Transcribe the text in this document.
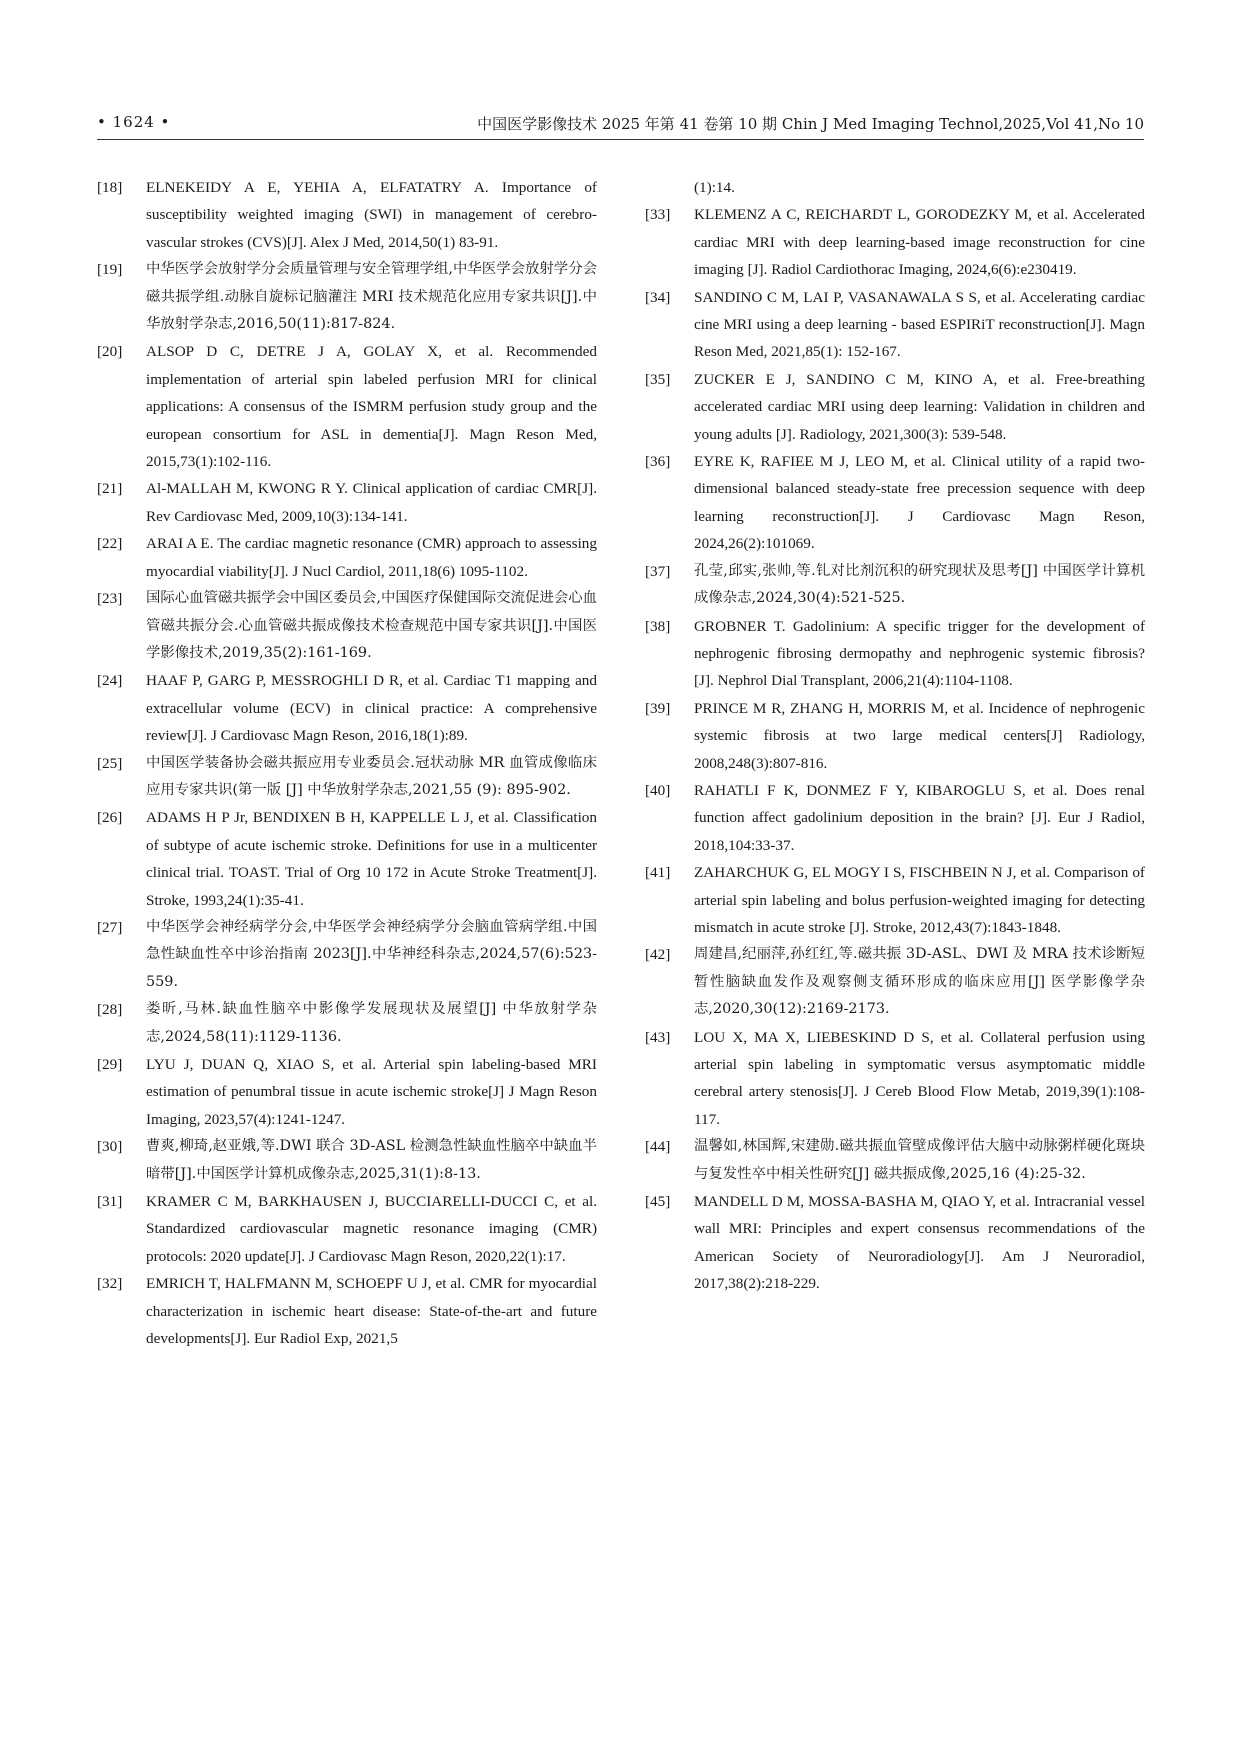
• 1624 •	中国医学影像技术 2025 年第 41 卷第 10 期 Chin J Med Imaging Technol,2025,Vol 41,No 10
[18] ELNEKEIDY A E, YEHIA A, ELFATATRY A. Importance of susceptibility weighted imaging (SWI) in management of cerebro-vascular strokes (CVS)[J]. Alex J Med, 2014,50(1) 83-91.
[19] 中华医学会放射学分会质量管理与安全管理学组,中华医学会放射学分会磁共振学组.动脉自旋标记脑灌注 MRI 技术规范化应用专家共识[J].中华放射学杂志,2016,50(11):817-824.
[20] ALSOP D C, DETRE J A, GOLAY X, et al. Recommended implementation of arterial spin labeled perfusion MRI for clinical applications: A consensus of the ISMRM perfusion study group and the european consortium for ASL in dementia[J]. Magn Reson Med, 2015,73(1):102-116.
[21] Al-MALLAH M, KWONG R Y. Clinical application of cardiac CMR[J]. Rev Cardiovasc Med, 2009,10(3):134-141.
[22] ARAI A E. The cardiac magnetic resonance (CMR) approach to assessing myocardial viability[J]. J Nucl Cardiol, 2011,18(6) 1095-1102.
[23] 国际心血管磁共振学会中国区委员会,中国医疗保健国际交流促进会心血管磁共振分会.心血管磁共振成像技术检查规范中国专家共识[J].中国医学影像技术,2019,35(2):161-169.
[24] HAAF P, GARG P, MESSROGHLI D R, et al. Cardiac T1 mapping and extracellular volume (ECV) in clinical practice: A comprehensive review[J]. J Cardiovasc Magn Reson, 2016,18(1):89.
[25] 中国医学装备协会磁共振应用专业委员会.冠状动脉 MR 血管成像临床应用专家共识(第一版 [J] 中华放射学杂志,2021,55 (9): 895-902.
[26] ADAMS H P Jr, BENDIXEN B H, KAPPELLE L J, et al. Classification of subtype of acute ischemic stroke. Definitions for use in a multicenter clinical trial. TOAST. Trial of Org 10 172 in Acute Stroke Treatment[J]. Stroke, 1993,24(1):35-41.
[27] 中华医学会神经病学分会,中华医学会神经病学分会脑血管病学组.中国急性缺血性卒中诊治指南 2023[J].中华神经科杂志,2024,57(6):523-559.
[28] 娄昕,马林.缺血性脑卒中影像学发展现状及展望[J] 中华放射学杂志,2024,58(11):1129-1136.
[29] LYU J, DUAN Q, XIAO S, et al. Arterial spin labeling-based MRI estimation of penumbral tissue in acute ischemic stroke[J] J Magn Reson Imaging, 2023,57(4):1241-1247.
[30] 曹爽,柳琦,赵亚娥,等.DWI 联合 3D-ASL 检测急性缺血性脑卒中缺血半暗带[J].中国医学计算机成像杂志,2025,31(1):8-13.
[31] KRAMER C M, BARKHAUSEN J, BUCCIARELLI-DUCCI C, et al. Standardized cardiovascular magnetic resonance imaging (CMR) protocols: 2020 update[J]. J Cardiovasc Magn Reson, 2020,22(1):17.
[32] EMRICH T, HALFMANN M, SCHOEPF U J, et al. CMR for myocardial characterization in ischemic heart disease: State-of-the-art and future developments[J]. Eur Radiol Exp, 2021,5
(1):14.
[33] KLEMENZ A C, REICHARDT L, GORODEZKY M, et al. Accelerated cardiac MRI with deep learning-based image reconstruction for cine imaging [J]. Radiol Cardiothorac Imaging, 2024,6(6):e230419.
[34] SANDINO C M, LAI P, VASANAWALA S S, et al. Accelerating cardiac cine MRI using a deep learning - based ESPIRiT reconstruction[J]. Magn Reson Med, 2021,85(1): 152-167.
[35] ZUCKER E J, SANDINO C M, KINO A, et al. Free-breathing accelerated cardiac MRI using deep learning: Validation in children and young adults [J]. Radiology, 2021,300(3): 539-548.
[36] EYRE K, RAFIEE M J, LEO M, et al. Clinical utility of a rapid two-dimensional balanced steady-state free precession sequence with deep learning reconstruction[J]. J Cardiovasc Magn Reson, 2024,26(2):101069.
[37] 孔莹,邱实,张帅,等.钆对比剂沉积的研究现状及思考[J] 中国医学计算机成像杂志,2024,30(4):521-525.
[38] GROBNER T. Gadolinium: A specific trigger for the development of nephrogenic fibrosing dermopathy and nephrogenic systemic fibrosis? [J]. Nephrol Dial Transplant, 2006,21(4):1104-1108.
[39] PRINCE M R, ZHANG H, MORRIS M, et al. Incidence of nephrogenic systemic fibrosis at two large medical centers[J] Radiology, 2008,248(3):807-816.
[40] RAHATLI F K, DONMEZ F Y, KIBAROGLU S, et al. Does renal function affect gadolinium deposition in the brain? [J]. Eur J Radiol, 2018,104:33-37.
[41] ZAHARCHUK G, EL MOGY I S, FISCHBEIN N J, et al. Comparison of arterial spin labeling and bolus perfusion-weighted imaging for detecting mismatch in acute stroke [J]. Stroke, 2012,43(7):1843-1848.
[42] 周建昌,纪丽萍,孙红红,等.磁共振 3D-ASL、DWI 及 MRA 技术诊断短暂性脑缺血发作及观察侧支循环形成的临床应用[J] 医学影像学杂志,2020,30(12):2169-2173.
[43] LOU X, MA X, LIEBESKIND D S, et al. Collateral perfusion using arterial spin labeling in symptomatic versus asymptomatic middle cerebral artery stenosis[J]. J Cereb Blood Flow Metab, 2019,39(1):108-117.
[44] 温馨如,林国辉,宋建勋.磁共振血管壁成像评估大脑中动脉粥样硬化斑块与复发性卒中相关性研究[J] 磁共振成像,2025,16 (4):25-32.
[45] MANDELL D M, MOSSA-BASHA M, QIAO Y, et al. Intracranial vessel wall MRI: Principles and expert consensus recommendations of the American Society of Neuroradiology[J]. Am J Neuroradiol, 2017,38(2):218-229.
